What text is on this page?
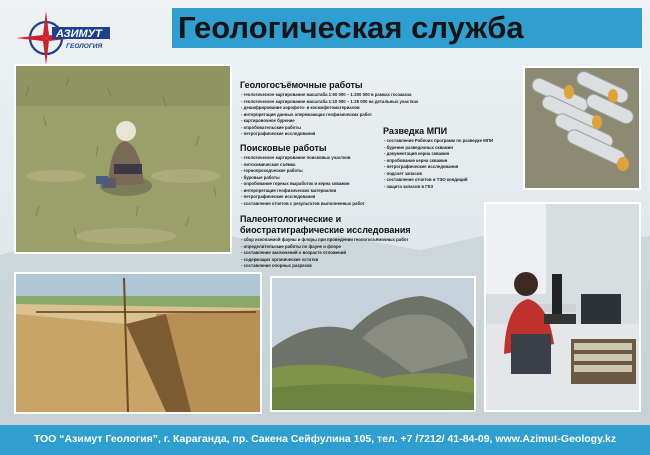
АЗИМУТ
ГЕОЛОГИЯ
Геологическая служба
Геологосъёмочные работы
- геологическое картирование масштаба 1:50 000 – 1:200 000 в рамках госзаказа
- геологическое картирование масштаба 1:10 000 – 1:25 000 на детальных участках
- дешифрирование аэрофото- и космофотоматериалов
- интерпретация данных опережающих геофизических работ
- картировочное бурение
- опробовательские работы
- петрографические исследования
Поисковые работы
- геологическое картирование поисковых участков
- литохимическая съёмка
- горнопроходческие работы
- буровые работы
- опробование горных выработок и керна скважин
- интерпретация геофизических материалов
- петрографические исследования
- составление отчетов с результатов выполненных работ
Разведка МПИ
- составление Рабочих программ по разведке МПИ
- бурение разведочных скважин
- документация керна скважин
- опробование керна скважин
- петрографические исследования
- подсчет запасов
- составление отчетов и ТЭО кондиций
- защита запасов в ГКЗ
Палеонтологические и
биостратиграфические исследования
- сбор ископаемой фауны и флоры при проведении геологосъёмочных работ
- определительские работы по фауне и флоре
- составление заключений о возрасте отложений
- содержащих органические остатки
- составление опорных разрезов
ТОО “Азимут Геология”, г. Караганда, пр. Сакена Сейфулина 105, тел. +7 /7212/ 41-84-09, www.Azimut-Geology.kz
